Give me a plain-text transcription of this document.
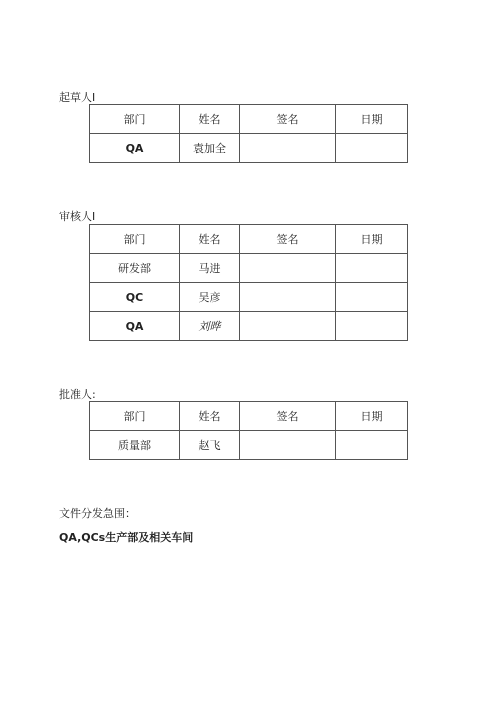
起草人I
部门	姓名	签名	日期
QA	袁加全		
审核人I
部门	姓名	签名	日期
研发部	马进		
QC	吴彦		
QA	刘晔		
批准人:
部门	姓名	签名	日期
质量部	赵飞		
文件分发急围：
QA,QCs生产部及相关车间
